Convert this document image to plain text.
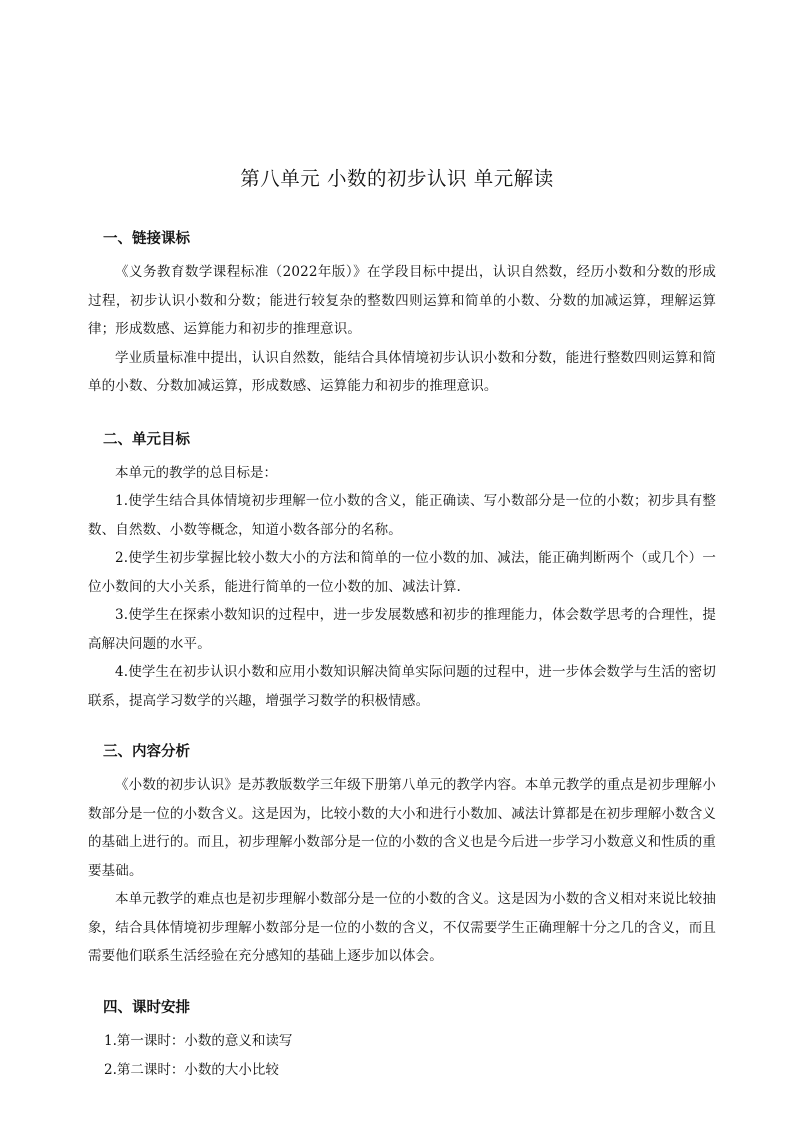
第八单元 小数的初步认识 单元解读
一、链接课标

《义务教育数学课程标准（2022年版）》在学段目标中提出，认识自然数，经历小数和分数的形成过程，初步认识小数和分数；能进行较复杂的整数四则运算和简单的小数、分数的加减运算，理解运算律；形成数感、运算能力和初步的推理意识。

学业质量标准中提出，认识自然数，能结合具体情境初步认识小数和分数，能进行整数四则运算和简单的小数、分数加减运算，形成数感、运算能力和初步的推理意识。

二、单元目标

本单元的教学的总目标是：

1.使学生结合具体情境初步理解一位小数的含义，能正确读、写小数部分是一位的小数；初步具有整数、自然数、小数等概念，知道小数各部分的名称。

2.使学生初步掌握比较小数大小的方法和简单的一位小数的加、减法，能正确判断两个（或几个）一位小数间的大小关系，能进行简单的一位小数的加、减法计算.

3.使学生在探索小数知识的过程中，进一步发展数感和初步的推理能力，体会数学思考的合理性，提高解决问题的水平。

4.使学生在初步认识小数和应用小数知识解决简单实际问题的过程中，进一步体会数学与生活的密切联系，提高学习数学的兴趣，增强学习数学的积极情感。

三、内容分析

《小数的初步认识》是苏教版数学三年级下册第八单元的教学内容。本单元教学的重点是初步理解小数部分是一位的小数含义。这是因为，比较小数的大小和进行小数加、减法计算都是在初步理解小数含义的基础上进行的。而且，初步理解小数部分是一位的小数的含义也是今后进一步学习小数意义和性质的重要基础。

本单元教学的难点也是初步理解小数部分是一位的小数的含义。这是因为小数的含义相对来说比较抽象，结合具体情境初步理解小数部分是一位的小数的含义，不仅需要学生正确理解十分之几的含义，而且需要他们联系生活经验在充分感知的基础上逐步加以体会。

四、课时安排

1.第一课时：小数的意义和读写

2.第二课时：小数的大小比较
